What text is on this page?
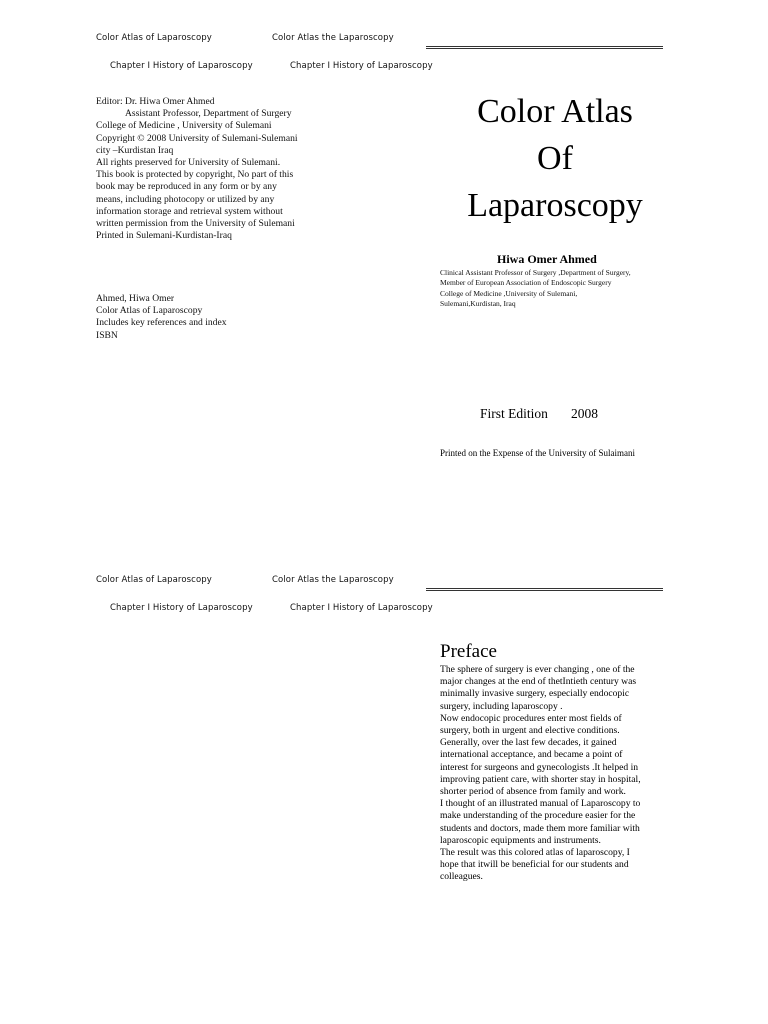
Color Atlas of Laparoscopy	Color Atlas the Laparoscopy
Chapter I History of Laparoscopy	Chapter I History of Laparoscopy
Editor: Dr. Hiwa Omer Ahmed
Assistant Professor, Department of Surgery
College of Medicine , University of Sulemani
Copyright © 2008 University of Sulemani-Sulemani
city –Kurdistan Iraq
All rights preserved for University of Sulemani.
This book is protected by copyright, No part of this
book may be reproduced in any form or by any
means, including photocopy or utilized by any
information storage and retrieval system without
written permission from the University of Sulemani
Printed in Sulemani-Kurdistan-Iraq
Ahmed, Hiwa Omer
Color Atlas of Laparoscopy
Includes key references and index
ISBN
Color Atlas
Of
Laparoscopy
Hiwa Omer Ahmed
Clinical Assistant Professor of Surgery ,Department of Surgery,
Member of European Association of Endoscopic Surgery
College of Medicine ,University of Sulemani,
Sulemani,Kurdistan, Iraq
First Edition 2008
Printed on the Expense of the University of Sulaimani
Color Atlas of Laparoscopy	Color Atlas the Laparoscopy
Chapter I History of Laparoscopy	Chapter I History of Laparoscopy
Preface
The sphere of surgery is ever changing , one of the
major changes at the end of thetIntieth century was
minimally invasive surgery, especially endocopic
surgery, including laparoscopy .
Now endocopic procedures enter most fields of
surgery, both in urgent and elective conditions.
Generally, over the last few decades, it gained
international acceptance, and became a point of
interest for surgeons and gynecologists .It helped in
improving patient care, with shorter stay in hospital,
shorter period of absence from family and work.
I thought of an illustrated manual of Laparoscopy to
make understanding of the procedure easier for the
students and doctors, made them more familiar with
laparoscopic equipments and instruments.
The result was this colored atlas of laparoscopy, I
hope that itwill be beneficial for our students and
colleagues.
